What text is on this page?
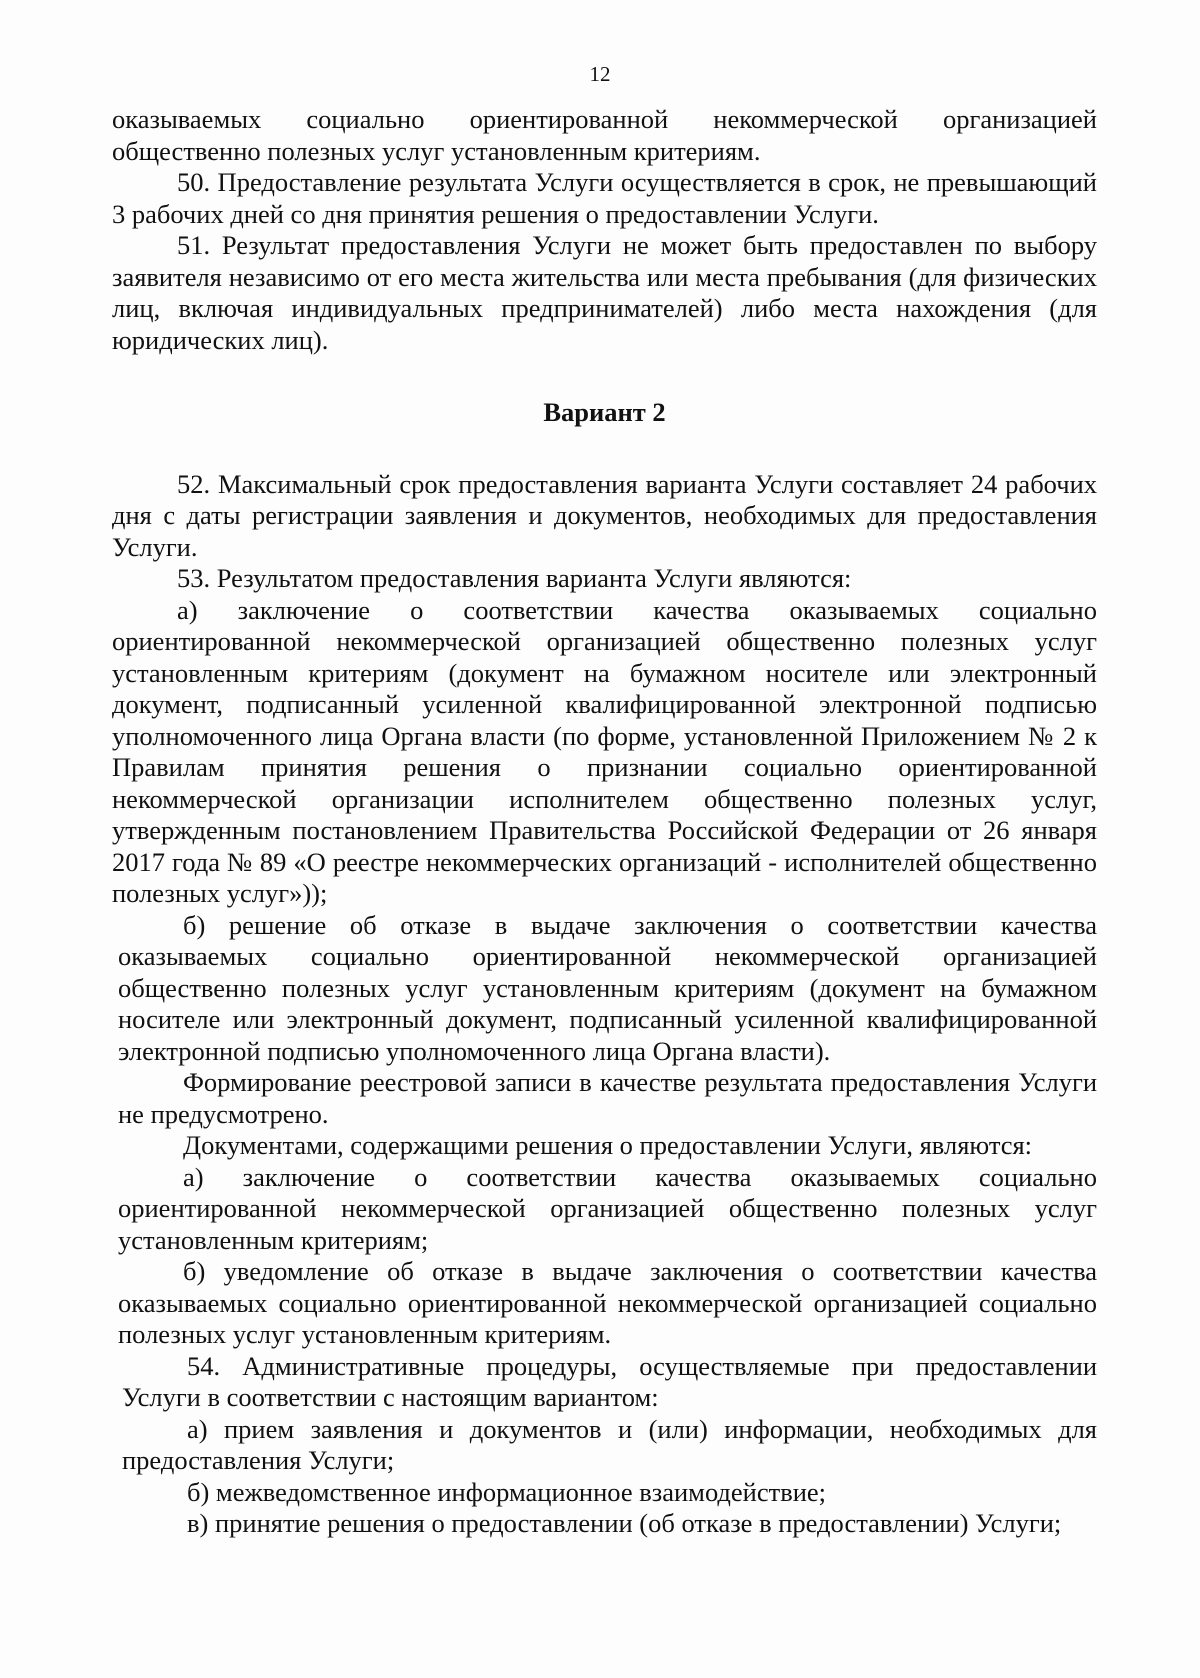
12

оказываемых социально ориентированной некоммерческой организацией общественно полезных услуг установленным критериям.

50. Предоставление результата Услуги осуществляется в срок, не превышающий 3 рабочих дней со дня принятия решения о предоставлении Услуги.

51. Результат предоставления Услуги не может быть предоставлен по выбору заявителя независимо от его места жительства или места пребывания (для физических лиц, включая индивидуальных предпринимателей) либо места нахождения (для юридических лиц).

Вариант 2

52. Максимальный срок предоставления варианта Услуги составляет 24 рабочих дня с даты регистрации заявления и документов, необходимых для предоставления Услуги.

53. Результатом предоставления варианта Услуги являются:

а) заключение о соответствии качества оказываемых социально ориентированной некоммерческой организацией общественно полезных услуг установленным критериям (документ на бумажном носителе или электронный документ, подписанный усиленной квалифицированной электронной подписью уполномоченного лица Органа власти (по форме, установленной Приложением № 2 к Правилам принятия решения о признании социально ориентированной некоммерческой организации исполнителем общественно полезных услуг, утвержденным постановлением Правительства Российской Федерации от 26 января 2017 года № 89 «О реестре некоммерческих организаций - исполнителей общественно полезных услуг»));

б) решение об отказе в выдаче заключения о соответствии качества оказываемых социально ориентированной некоммерческой организацией общественно полезных услуг установленным критериям (документ на бумажном носителе или электронный документ, подписанный усиленной квалифицированной электронной подписью уполномоченного лица Органа власти).

Формирование реестровой записи в качестве результата предоставления Услуги не предусмотрено.

Документами, содержащими решения о предоставлении Услуги, являются:

а) заключение о соответствии качества оказываемых социально ориентированной некоммерческой организацией общественно полезных услуг установленным критериям;

б) уведомление об отказе в выдаче заключения о соответствии качества оказываемых социально ориентированной некоммерческой организацией социально полезных услуг установленным критериям.

54. Административные процедуры, осуществляемые при предоставлении Услуги в соответствии с настоящим вариантом:

а) прием заявления и документов и (или) информации, необходимых для предоставления Услуги;

б) межведомственное информационное взаимодействие;

в) принятие решения о предоставлении (об отказе в предоставлении) Услуги;
